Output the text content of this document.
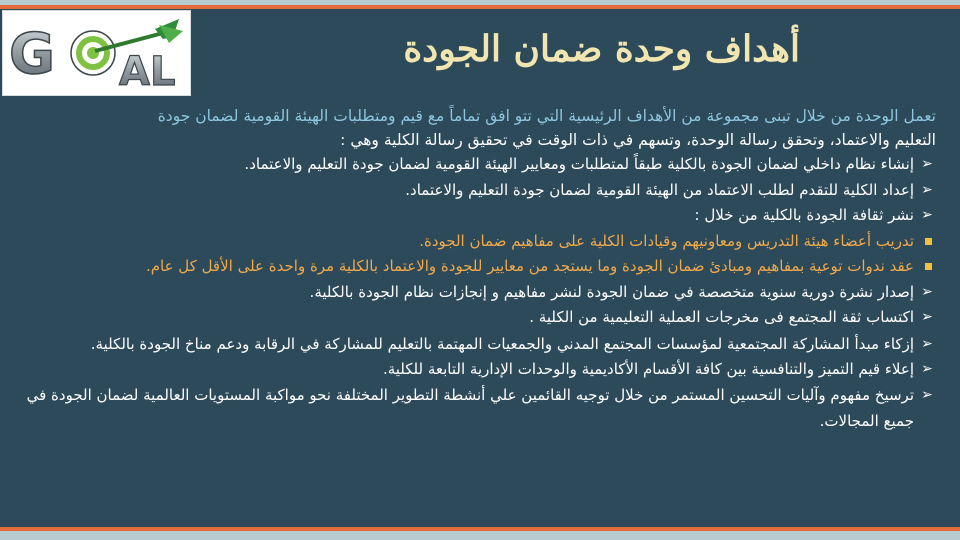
G AL	أهداف وحدة ضمان الجودة
تعمل الوحدة من خلال تبنى مجموعة من الأهداف الرئيسية التي تتو افق تماماً مع قيم ومتطلبات الهيئة القومية لضمان جودة
التعليم والاعتماد، وتحقق رسالة الوحدة، وتسهم في ذات الوقت في تحقيق رسالة الكلية وهي :
➢
إنشاء نظام داخلي لضمان الجودة بالكلية طبقاً لمتطلبات ومعايير الهيئة القومية لضمان جودة التعليم والاعتماد.
➢
إعداد الكلية للتقدم لطلب الاعتماد من الهيئة القومية لضمان جودة التعليم والاعتماد.
➢
نشر ثقافة الجودة بالكلية من خلال :
تدريب أعضاء هيئة التدريس ومعاونيهم وقيادات الكلية على مفاهيم ضمان الجودة.
عقد ندوات توعية بمفاهيم ومبادئ ضمان الجودة وما يستجد من معايير للجودة والاعتماد بالكلية مرة واحدة على الأقل كل عام.
➢
إصدار نشرة دورية سنوية متخصصة في ضمان الجودة لنشر مفاهيم و إنجازات نظام الجودة بالكلية.
➢
اكتساب ثقة المجتمع فى مخرجات العملية التعليمية من الكلية .
➢
إزكاء مبدأ المشاركة المجتمعية لمؤسسات المجتمع المدني والجمعيات المهتمة بالتعليم للمشاركة في الرقابة ودعم مناخ الجودة بالكلية.
➢
إعلاء قيم التميز والتنافسية بين كافة الأقسام الأكاديمية والوحدات الإدارية التابعة للكلية.
➢
ترسيخ مفهوم وآليات التحسين المستمر من خلال توجيه القائمين علي أنشطة التطوير المختلفة نحو مواكبة المستويات العالمية لضمان الجودة في جميع المجالات.
